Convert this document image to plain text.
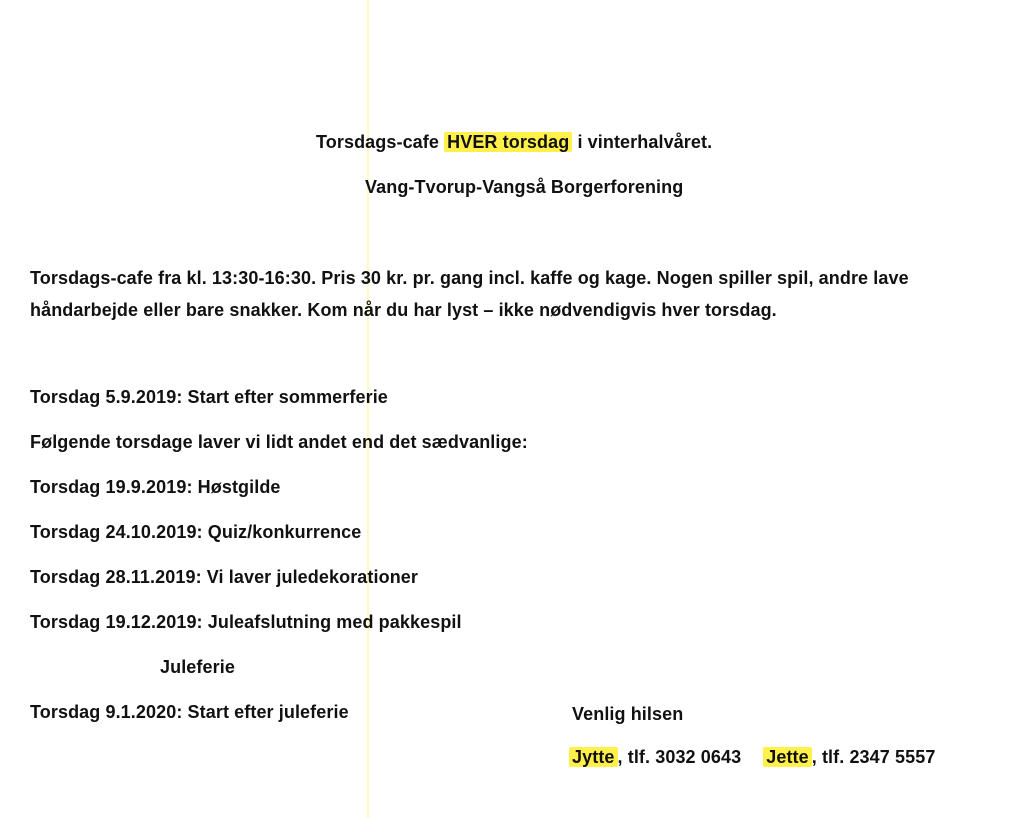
Torsdags-cafe HVER torsdag i vinterhalvåret.
Vang-Tvorup-Vangså Borgerforening
Torsdags-cafe fra kl. 13:30-16:30. Pris 30 kr. pr. gang incl. kaffe og kage. Nogen spiller spil, andre lave
håndarbejde eller bare snakker. Kom når du har lyst – ikke nødvendigvis hver torsdag.
Torsdag 5.9.2019: Start efter sommerferie
Følgende torsdage laver vi lidt andet end det sædvanlige:
Torsdag 19.9.2019: Høstgilde
Torsdag 24.10.2019: Quiz/konkurrence
Torsdag 28.11.2019: Vi laver juledekorationer
Torsdag 19.12.2019: Juleafslutning med pakkespil
Juleferie
Torsdag 9.1.2020: Start efter juleferie	Venlig hilsen
Jytte , tlf. 3032 0643 Jette , tlf. 2347 5557
